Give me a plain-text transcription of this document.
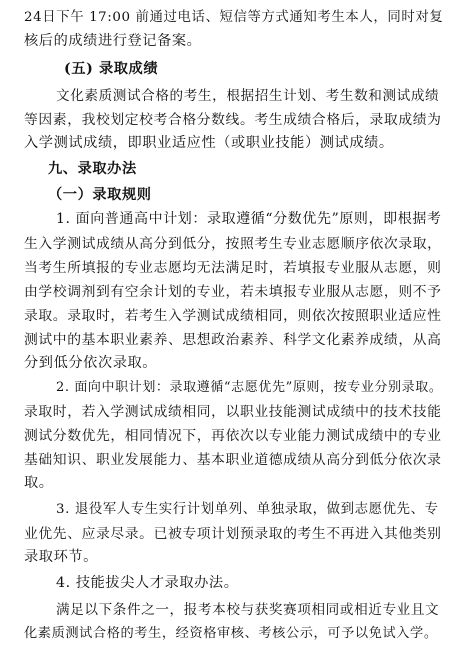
24日下午 17:00 前通过电话、短信等方式通知考生本人，同时对复
核后的成绩进行登记备案。
(五) 录取成绩
文化素质测试合格的考生，根据招生计划、考生数和测试成绩
等因素，我校划定校考合格分数线。考生成绩合格后，录取成绩为
入学测试成绩，即职业适应性（或职业技能）测试成绩。
九、录取办法
（一）录取规则
1. 面向普通高中计划：录取遵循“分数优先”原则，即根据考
生入学测试成绩从高分到低分，按照考生专业志愿顺序依次录取，
当考生所填报的专业志愿均无法满足时，若填报专业服从志愿，则
由学校调剂到有空余计划的专业，若未填报专业服从志愿，则不予
录取。录取时，若考生入学测试成绩相同，则依次按照职业适应性
测试中的基本职业素养、思想政治素养、科学文化素养成绩，从高
分到低分依次录取。
2. 面向中职计划：录取遵循“志愿优先”原则，按专业分别录取。
录取时，若入学测试成绩相同，以职业技能测试成绩中的技术技能
测试分数优先，相同情况下，再依次以专业能力测试成绩中的专业
基础知识、职业发展能力、基本职业道德成绩从高分到低分依次录
取。
3. 退役军人专生实行计划单列、单独录取，做到志愿优先、专
业优先、应录尽录。已被专项计划预录取的考生不再进入其他类别
录取环节。
4. 技能拔尖人才录取办法。
满足以下条件之一，报考本校与获奖赛项相同或相近专业且文
化素质测试合格的考生，经资格审核、考核公示，可予以免试入学。
